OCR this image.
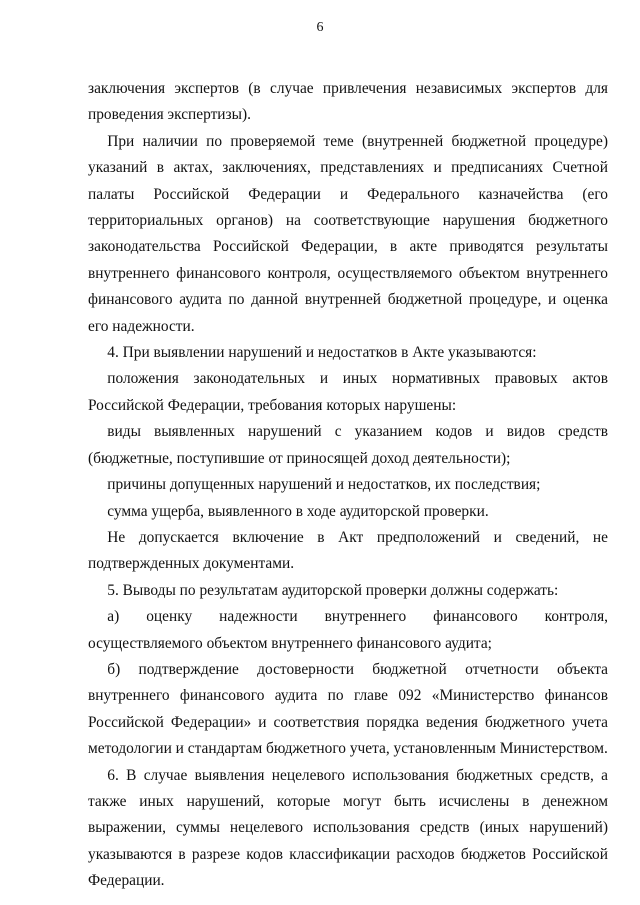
6

заключения экспертов (в случае привлечения независимых экспертов для проведения экспертизы).

При наличии по проверяемой теме (внутренней бюджетной процедуре) указаний в актах, заключениях, представлениях и предписаниях Счетной палаты Российской Федерации и Федерального казначейства (его территориальных органов) на соответствующие нарушения бюджетного законодательства Российской Федерации, в акте приводятся результаты внутреннего финансового контроля, осуществляемого объектом внутреннего финансового аудита по данной внутренней бюджетной процедуре, и оценка его надежности.

4. При выявлении нарушений и недостатков в Акте указываются:

положения законодательных и иных нормативных правовых актов Российской Федерации, требования которых нарушены:

виды выявленных нарушений с указанием кодов и видов средств (бюджетные, поступившие от приносящей доход деятельности);

причины допущенных нарушений и недостатков, их последствия;

сумма ущерба, выявленного в ходе аудиторской проверки.

Не допускается включение в Акт предположений и сведений, не подтвержденных документами.

5. Выводы по результатам аудиторской проверки должны содержать:

а) оценку надежности внутреннего финансового контроля, осуществляемого объектом внутреннего финансового аудита;

б) подтверждение достоверности бюджетной отчетности объекта внутреннего финансового аудита по главе 092 «Министерство финансов Российской Федерации» и соответствия порядка ведения бюджетного учета методологии и стандартам бюджетного учета, установленным Министерством.

6. В случае выявления нецелевого использования бюджетных средств, а также иных нарушений, которые могут быть исчислены в денежном выражении, суммы нецелевого использования средств (иных нарушений) указываются в разрезе кодов классификации расходов бюджетов Российской Федерации.
